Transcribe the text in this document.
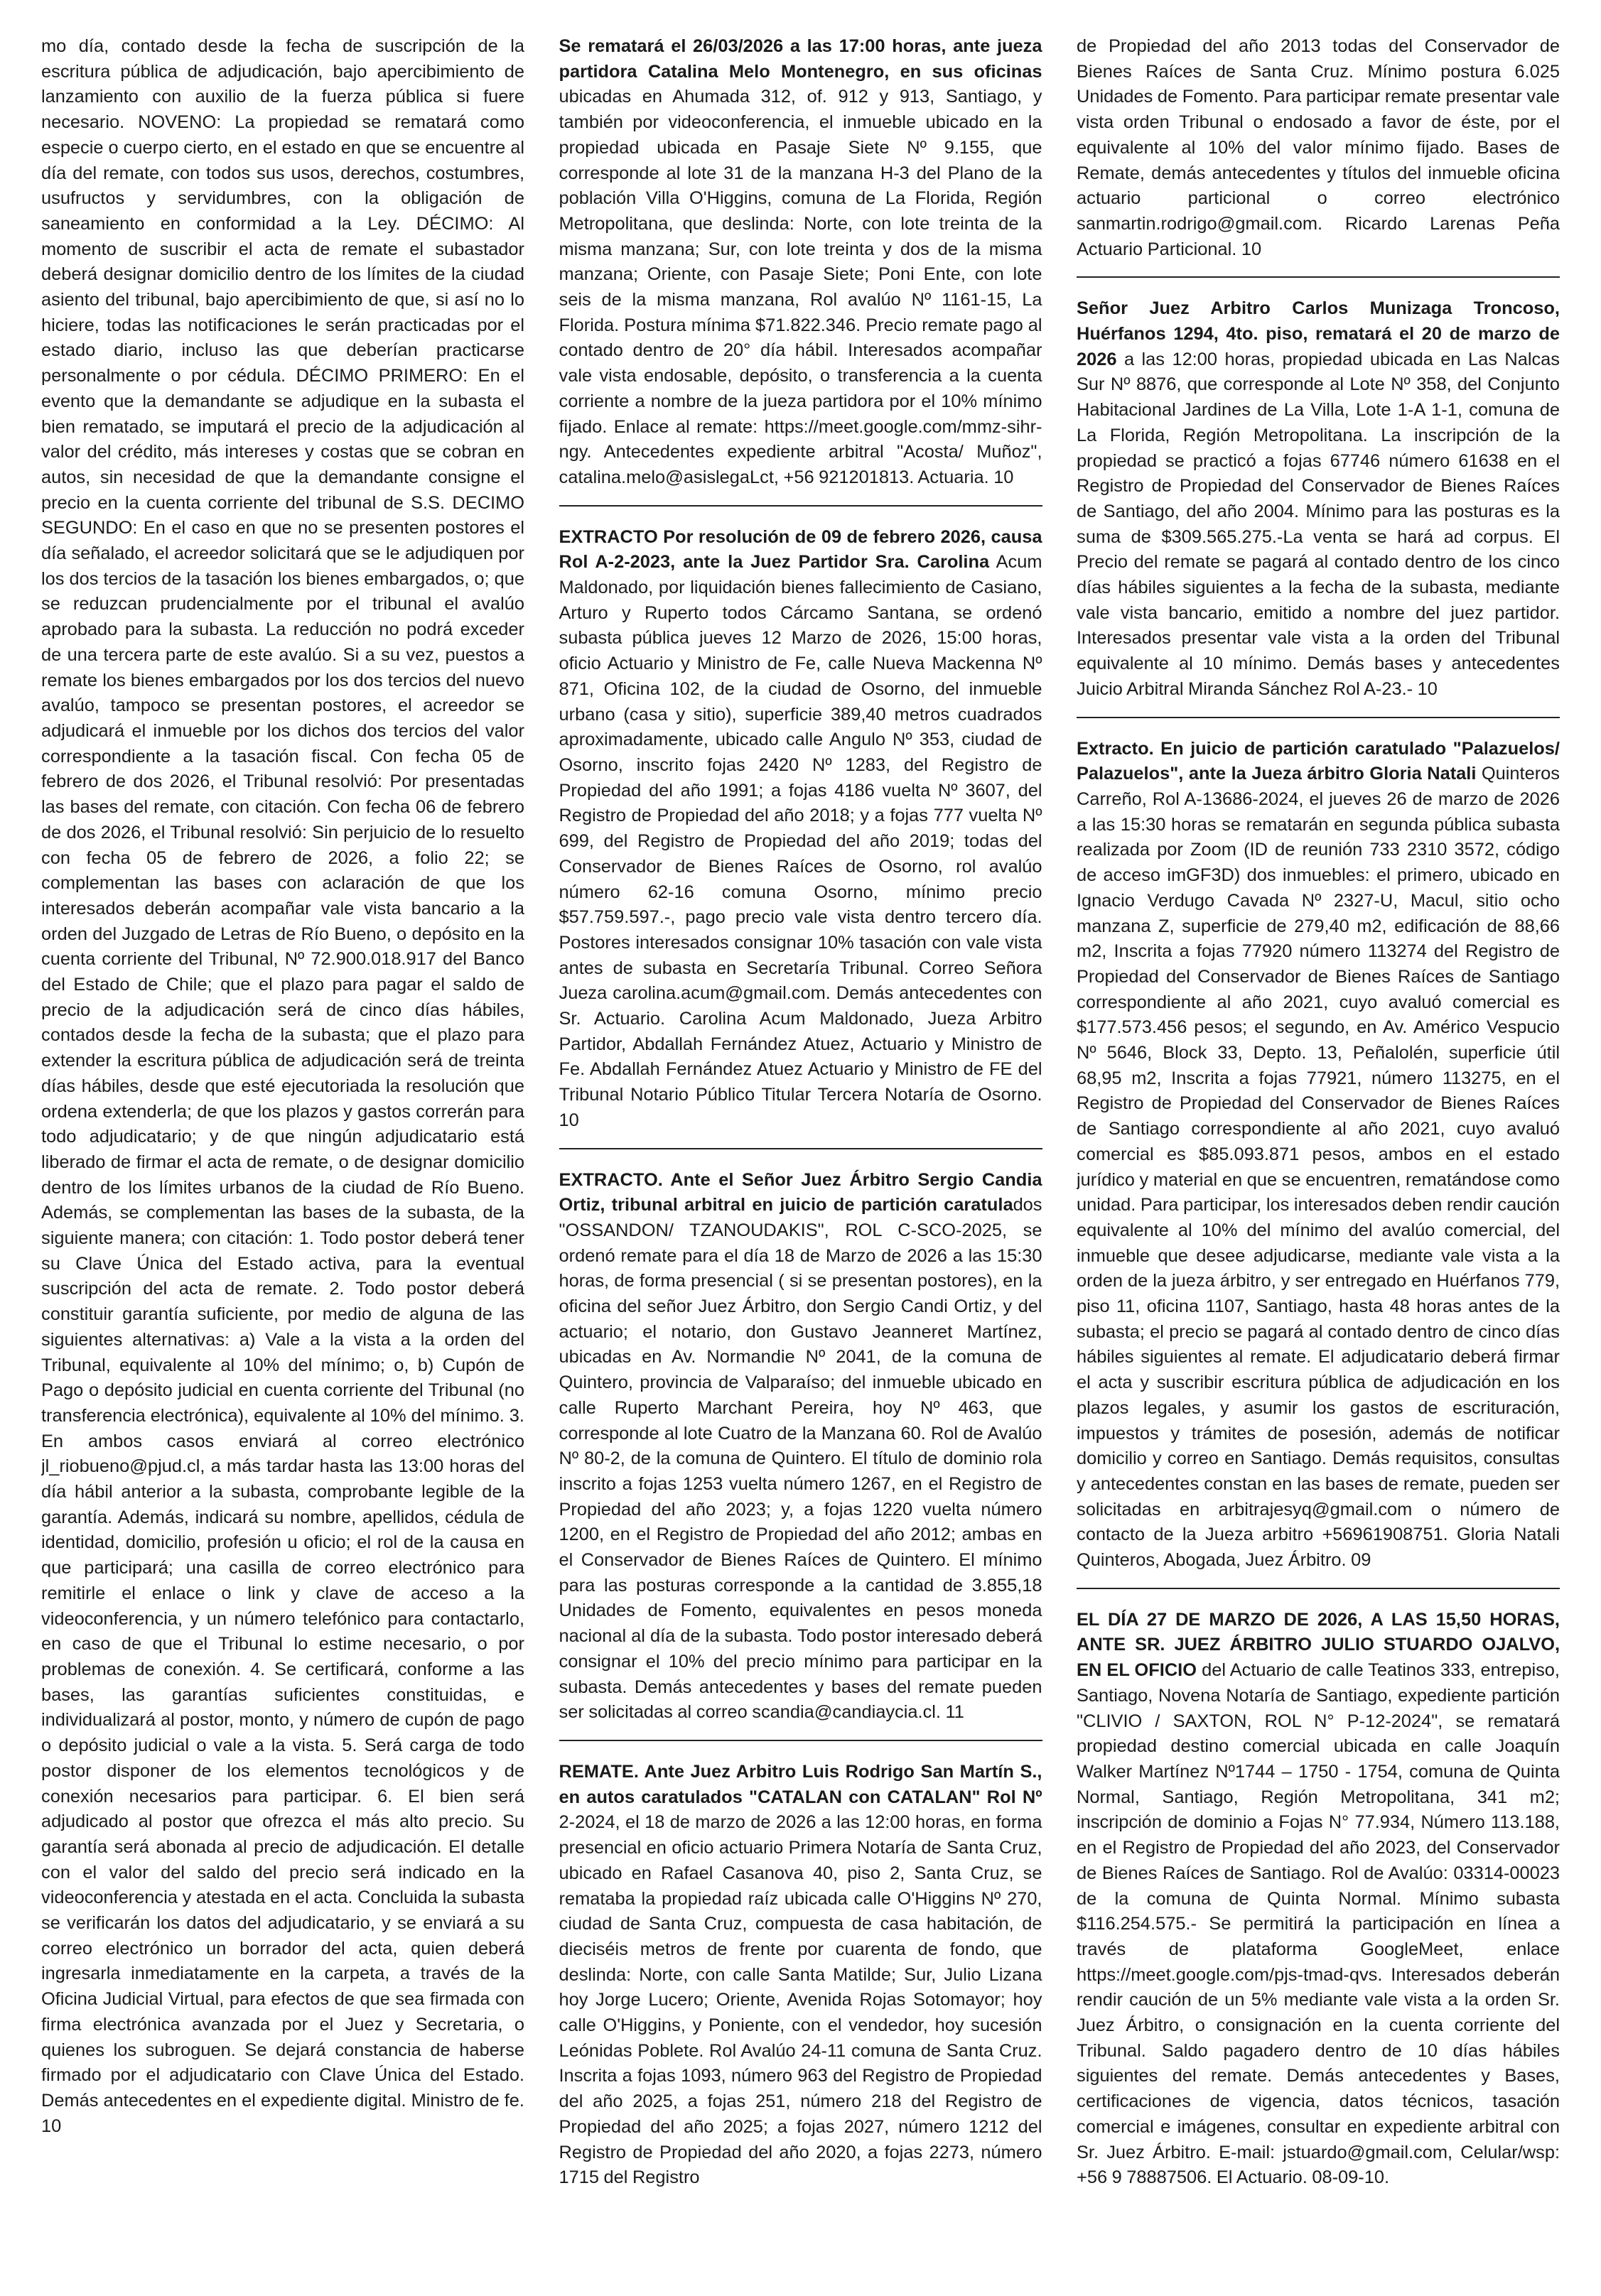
mo día, contado desde la fecha de suscripción de la escritura pública de adjudicación, bajo apercibimiento de lanzamiento con auxilio de la fuerza pública si fuere necesario. NOVENO: La propiedad se rematará como especie o cuerpo cierto, en el estado en que se encuentre al día del remate, con todos sus usos, derechos, costumbres, usufructos y servidumbres, con la obligación de saneamiento en conformidad a la Ley. DÉCIMO: Al momento de suscribir el acta de remate el subastador deberá designar domicilio dentro de los límites de la ciudad asiento del tribunal, bajo apercibimiento de que, si así no lo hiciere, todas las notificaciones le serán practicadas por el estado diario, incluso las que deberían practicarse personalmente o por cédula. DÉCIMO PRIMERO: En el evento que la demandante se adjudique en la subasta el bien rematado, se imputará el precio de la adjudicación al valor del crédito, más intereses y costas que se cobran en autos, sin necesidad de que la demandante consigne el precio en la cuenta corriente del tribunal de S.S. DECIMO SEGUNDO: En el caso en que no se presenten postores el día señalado, el acreedor solicitará que se le adjudiquen por los dos tercios de la tasación los bienes embargados, o; que se reduzcan prudencialmente por el tribunal el avalúo aprobado para la subasta. La reducción no podrá exceder de una tercera parte de este avalúo. Si a su vez, puestos a remate los bienes embargados por los dos tercios del nuevo avalúo, tampoco se presentan postores, el acreedor se adjudicará el inmueble por los dichos dos tercios del valor correspondiente a la tasación fiscal. Con fecha 05 de febrero de dos 2026, el Tribunal resolvió: Por presentadas las bases del remate, con citación. Con fecha 06 de febrero de dos 2026, el Tribunal resolvió: Sin perjuicio de lo resuelto con fecha 05 de febrero de 2026, a folio 22; se complementan las bases con aclaración de que los interesados deberán acompañar vale vista bancario a la orden del Juzgado de Letras de Río Bueno, o depósito en la cuenta corriente del Tribunal, Nº 72.900.018.917 del Banco del Estado de Chile; que el plazo para pagar el saldo de precio de la adjudicación será de cinco días hábiles, contados desde la fecha de la subasta; que el plazo para extender la escritura pública de adjudicación será de treinta días hábiles, desde que esté ejecutoriada la resolución que ordena extenderla; de que los plazos y gastos correrán para todo adjudicatario; y de que ningún adjudicatario está liberado de firmar el acta de remate, o de designar domicilio dentro de los límites urbanos de la ciudad de Río Bueno. Además, se complementan las bases de la subasta, de la siguiente manera; con citación: 1. Todo postor deberá tener su Clave Única del Estado activa, para la eventual suscripción del acta de remate. 2. Todo postor deberá constituir garantía suficiente, por medio de alguna de las siguientes alternativas: a) Vale a la vista a la orden del Tribunal, equivalente al 10% del mínimo; o, b) Cupón de Pago o depósito judicial en cuenta corriente del Tribunal (no transferencia electrónica), equivalente al 10% del mínimo. 3. En ambos casos enviará al correo electrónico jl_riobueno@pjud.cl, a más tardar hasta las 13:00 horas del día hábil anterior a la subasta, comprobante legible de la garantía. Además, indicará su nombre, apellidos, cédula de identidad, domicilio, profesión u oficio; el rol de la causa en que participará; una casilla de correo electrónico para remitirle el enlace o link y clave de acceso a la videoconferencia, y un número telefónico para contactarlo, en caso de que el Tribunal lo estime necesario, o por problemas de conexión. 4. Se certificará, conforme a las bases, las garantías suficientes constituidas, e individualizará al postor, monto, y número de cupón de pago o depósito judicial o vale a la vista. 5. Será carga de todo postor disponer de los elementos tecnológicos y de conexión necesarios para participar. 6. El bien será adjudicado al postor que ofrezca el más alto precio. Su garantía será abonada al precio de adjudicación. El detalle con el valor del saldo del precio será indicado en la videoconferencia y atestada en el acta. Concluida la subasta se verificarán los datos del adjudicatario, y se enviará a su correo electrónico un borrador del acta, quien deberá ingresarla inmediatamente en la carpeta, a través de la Oficina Judicial Virtual, para efectos de que sea firmada con firma electrónica avanzada por el Juez y Secretaria, o quienes los subroguen. Se dejará constancia de haberse firmado por el adjudicatario con Clave Única del Estado. Demás antecedentes en el expediente digital. Ministro de fe. 10

Se rematará el 26/03/2026 a las 17:00 horas, ante jueza partidora Catalina Melo Montenegro, en sus oficinas ubicadas en Ahumada 312, of. 912 y 913, Santiago, y también por videoconferencia, el inmueble ubicado en la propiedad ubicada en Pasaje Siete Nº 9.155, que corresponde al lote 31 de la manzana H-3 del Plano de la población Villa O'Higgins, comuna de La Florida, Región Metropolitana, que deslinda: Norte, con lote treinta de la misma manzana; Sur, con lote treinta y dos de la misma manzana; Oriente, con Pasaje Siete; Poni Ente, con lote seis de la misma manzana, Rol avalúo Nº 1161-15, La Florida. Postura mínima $71.822.346. Precio remate pago al contado dentro de 20° día hábil. Interesados acompañar vale vista endosable, depósito, o transferencia a la cuenta corriente a nombre de la jueza partidora por el 10% mínimo fijado. Enlace al remate: https://meet.google.com/mmz-sihr-ngy. Antecedentes expediente arbitral "Acosta/ Muñoz", catalina.melo@asislegaLct, +56 921201813. Actuaria. 10

EXTRACTO Por resolución de 09 de febrero 2026, causa Rol A-2-2023, ante la Juez Partidor Sra. Carolina Acum Maldonado, por liquidación bienes fallecimiento de Casiano, Arturo y Ruperto todos Cárcamo Santana, se ordenó subasta pública jueves 12 Marzo de 2026, 15:00 horas, oficio Actuario y Ministro de Fe, calle Nueva Mackenna Nº 871, Oficina 102, de la ciudad de Osorno, del inmueble urbano (casa y sitio), superficie 389,40 metros cuadrados aproximadamente, ubicado calle Angulo Nº 353, ciudad de Osorno, inscrito fojas 2420 Nº 1283, del Registro de Propiedad del año 1991; a fojas 4186 vuelta Nº 3607, del Registro de Propiedad del año 2018; y a fojas 777 vuelta Nº 699, del Registro de Propiedad del año 2019; todas del Conservador de Bienes Raíces de Osorno, rol avalúo número 62-16 comuna Osorno, mínimo precio $57.759.597.-, pago precio vale vista dentro tercero día. Postores interesados consignar 10% tasación con vale vista antes de subasta en Secretaría Tribunal. Correo Señora Jueza carolina.acum@gmail.com. Demás antecedentes con Sr. Actuario. Carolina Acum Maldonado, Jueza Arbitro Partidor, Abdallah Fernández Atuez, Actuario y Ministro de Fe. Abdallah Fernández Atuez Actuario y Ministro de FE del Tribunal Notario Público Titular Tercera Notaría de Osorno. 10

EXTRACTO. Ante el Señor Juez Árbitro Sergio Candia Ortiz, tribunal arbitral en juicio de partición caratulados "OSSANDON/ TZANOUDAKIS", ROL C-SCO-2025, se ordenó remate para el día 18 de Marzo de 2026 a las 15:30 horas, de forma presencial ( si se presentan postores), en la oficina del señor Juez Árbitro, don Sergio Candi Ortiz, y del actuario; el notario, don Gustavo Jeanneret Martínez, ubicadas en Av. Normandie Nº 2041, de la comuna de Quintero, provincia de Valparaíso; del inmueble ubicado en calle Ruperto Marchant Pereira, hoy Nº 463, que corresponde al lote Cuatro de la Manzana 60. Rol de Avalúo Nº 80-2, de la comuna de Quintero. El título de dominio rola inscrito a fojas 1253 vuelta número 1267, en el Registro de Propiedad del año 2023; y, a fojas 1220 vuelta número 1200, en el Registro de Propiedad del año 2012; ambas en el Conservador de Bienes Raíces de Quintero. El mínimo para las posturas corresponde a la cantidad de 3.855,18 Unidades de Fomento, equivalentes en pesos moneda nacional al día de la subasta. Todo postor interesado deberá consignar el 10% del precio mínimo para participar en la subasta. Demás antecedentes y bases del remate pueden ser solicitadas al correo scandia@candiaycia.cl. 11

REMATE. Ante Juez Arbitro Luis Rodrigo San Martín S., en autos caratulados "CATALAN con CATALAN" Rol Nº 2-2024, el 18 de marzo de 2026 a las 12:00 horas, en forma presencial en oficio actuario Primera Notaría de Santa Cruz, ubicado en Rafael Casanova 40, piso 2, Santa Cruz, se remataba la propiedad raíz ubicada calle O'Higgins Nº 270, ciudad de Santa Cruz, compuesta de casa habitación, de dieciséis metros de frente por cuarenta de fondo, que deslinda: Norte, con calle Santa Matilde; Sur, Julio Lizana hoy Jorge Lucero; Oriente, Avenida Rojas Sotomayor; hoy calle O'Higgins, y Poniente, con el vendedor, hoy sucesión Leónidas Poblete. Rol Avalúo 24-11 comuna de Santa Cruz. Inscrita a fojas 1093, número 963 del Registro de Propiedad del año 2025, a fojas 251, número 218 del Registro de Propiedad del año 2025; a fojas 2027, número 1212 del Registro de Propiedad del año 2020, a fojas 2273, número 1715 del Registro

de Propiedad del año 2013 todas del Conservador de Bienes Raíces de Santa Cruz. Mínimo postura 6.025 Unidades de Fomento. Para participar remate presentar vale vista orden Tribunal o endosado a favor de éste, por el equivalente al 10% del valor mínimo fijado. Bases de Remate, demás antecedentes y títulos del inmueble oficina actuario particional o correo electrónico sanmartin.rodrigo@gmail.com. Ricardo Larenas Peña Actuario Particional. 10

Señor Juez Arbitro Carlos Munizaga Troncoso, Huérfanos 1294, 4to. piso, rematará el 20 de marzo de 2026 a las 12:00 horas, propiedad ubicada en Las Nalcas Sur Nº 8876, que corresponde al Lote Nº 358, del Conjunto Habitacional Jardines de La Villa, Lote 1-A 1-1, comuna de La Florida, Región Metropolitana. La inscripción de la propiedad se practicó a fojas 67746 número 61638 en el Registro de Propiedad del Conservador de Bienes Raíces de Santiago, del año 2004. Mínimo para las posturas es la suma de $309.565.275.-La venta se hará ad corpus. El Precio del remate se pagará al contado dentro de los cinco días hábiles siguientes a la fecha de la subasta, mediante vale vista bancario, emitido a nombre del juez partidor. Interesados presentar vale vista a la orden del Tribunal equivalente al 10 mínimo. Demás bases y antecedentes Juicio Arbitral Miranda Sánchez Rol A-23.- 10

Extracto. En juicio de partición caratulado "Palazuelos/ Palazuelos", ante la Jueza árbitro Gloria Natali Quinteros Carreño, Rol A-13686-2024, el jueves 26 de marzo de 2026 a las 15:30 horas se rematarán en segunda pública subasta realizada por Zoom (ID de reunión 733 2310 3572, código de acceso imGF3D) dos inmuebles: el primero, ubicado en Ignacio Verdugo Cavada Nº 2327-U, Macul, sitio ocho manzana Z, superficie de 279,40 m2, edificación de 88,66 m2, Inscrita a fojas 77920 número 113274 del Registro de Propiedad del Conservador de Bienes Raíces de Santiago correspondiente al año 2021, cuyo avaluó comercial es $177.573.456 pesos; el segundo, en Av. Américo Vespucio Nº 5646, Block 33, Depto. 13, Peñalolén, superficie útil 68,95 m2, Inscrita a fojas 77921, número 113275, en el Registro de Propiedad del Conservador de Bienes Raíces de Santiago correspondiente al año 2021, cuyo avaluó comercial es $85.093.871 pesos, ambos en el estado jurídico y material en que se encuentren, rematándose como unidad. Para participar, los interesados deben rendir caución equivalente al 10% del mínimo del avalúo comercial, del inmueble que desee adjudicarse, mediante vale vista a la orden de la jueza árbitro, y ser entregado en Huérfanos 779, piso 11, oficina 1107, Santiago, hasta 48 horas antes de la subasta; el precio se pagará al contado dentro de cinco días hábiles siguientes al remate. El adjudicatario deberá firmar el acta y suscribir escritura pública de adjudicación en los plazos legales, y asumir los gastos de escrituración, impuestos y trámites de posesión, además de notificar domicilio y correo en Santiago. Demás requisitos, consultas y antecedentes constan en las bases de remate, pueden ser solicitadas en arbitrajesyq@gmail.com o número de contacto de la Jueza arbitro +56961908751. Gloria Natali Quinteros, Abogada, Juez Árbitro. 09

EL DÍA 27 DE MARZO DE 2026, A LAS 15,50 HORAS, ANTE SR. JUEZ ÁRBITRO JULIO STUARDO OJALVO, EN EL OFICIO del Actuario de calle Teatinos 333, entrepiso, Santiago, Novena Notaría de Santiago, expediente partición "CLIVIO / SAXTON, ROL N° P-12-2024", se rematará propiedad destino comercial ubicada en calle Joaquín Walker Martínez Nº1744 – 1750 - 1754, comuna de Quinta Normal, Santiago, Región Metropolitana, 341 m2; inscripción de dominio a Fojas N° 77.934, Número 113.188, en el Registro de Propiedad del año 2023, del Conservador de Bienes Raíces de Santiago. Rol de Avalúo: 03314-00023 de la comuna de Quinta Normal. Mínimo subasta $116.254.575.- Se permitirá la participación en línea a través de plataforma GoogleMeet, enlace https://meet.google.com/pjs-tmad-qvs. Interesados deberán rendir caución de un 5% mediante vale vista a la orden Sr. Juez Árbitro, o consignación en la cuenta corriente del Tribunal. Saldo pagadero dentro de 10 días hábiles siguientes del remate. Demás antecedentes y Bases, certificaciones de vigencia, datos técnicos, tasación comercial e imágenes, consultar en expediente arbitral con Sr. Juez Árbitro. E-mail: jstuardo@gmail.com, Celular/wsp: +56 9 78887506. El Actuario. 08-09-10.
